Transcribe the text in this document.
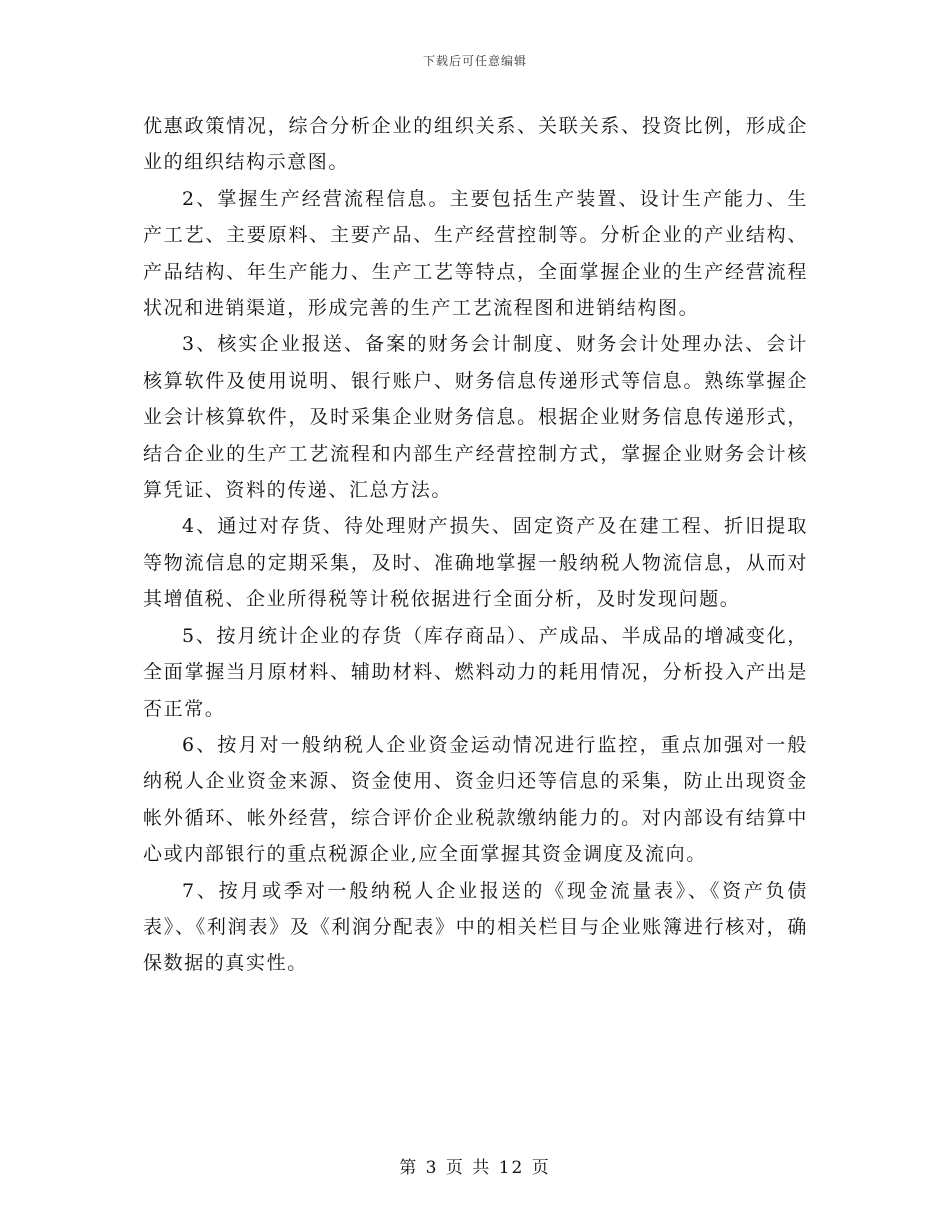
下载后可任意编辑

优惠政策情况，综合分析企业的组织关系、关联关系、投资比例，形成企业的组织结构示意图。

2、掌握生产经营流程信息。主要包括生产装置、设计生产能力、生产工艺、主要原料、主要产品、生产经营控制等。分析企业的产业结构、产品结构、年生产能力、生产工艺等特点，全面掌握企业的生产经营流程状况和进销渠道，形成完善的生产工艺流程图和进销结构图。

3、核实企业报送、备案的财务会计制度、财务会计处理办法、会计核算软件及使用说明、银行账户、财务信息传递形式等信息。熟练掌握企业会计核算软件，及时采集企业财务信息。根据企业财务信息传递形式，结合企业的生产工艺流程和内部生产经营控制方式，掌握企业财务会计核算凭证、资料的传递、汇总方法。

4、通过对存货、待处理财产损失、固定资产及在建工程、折旧提取等物流信息的定期采集，及时、准确地掌握一般纳税人物流信息，从而对其增值税、企业所得税等计税依据进行全面分析，及时发现问题。

5、按月统计企业的存货（库存商品）、产成品、半成品的增减变化，全面掌握当月原材料、辅助材料、燃料动力的耗用情况，分析投入产出是否正常。

6、按月对一般纳税人企业资金运动情况进行监控，重点加强对一般纳税人企业资金来源、资金使用、资金归还等信息的采集，防止出现资金帐外循环、帐外经营，综合评价企业税款缴纳能力的。对内部设有结算中心或内部银行的重点税源企业,应全面掌握其资金调度及流向。

7、按月或季对一般纳税人企业报送的《现金流量表》、《资产负债表》、《利润表》及《利润分配表》中的相关栏目与企业账簿进行核对，确保数据的真实性。

第 3 页 共 12 页
